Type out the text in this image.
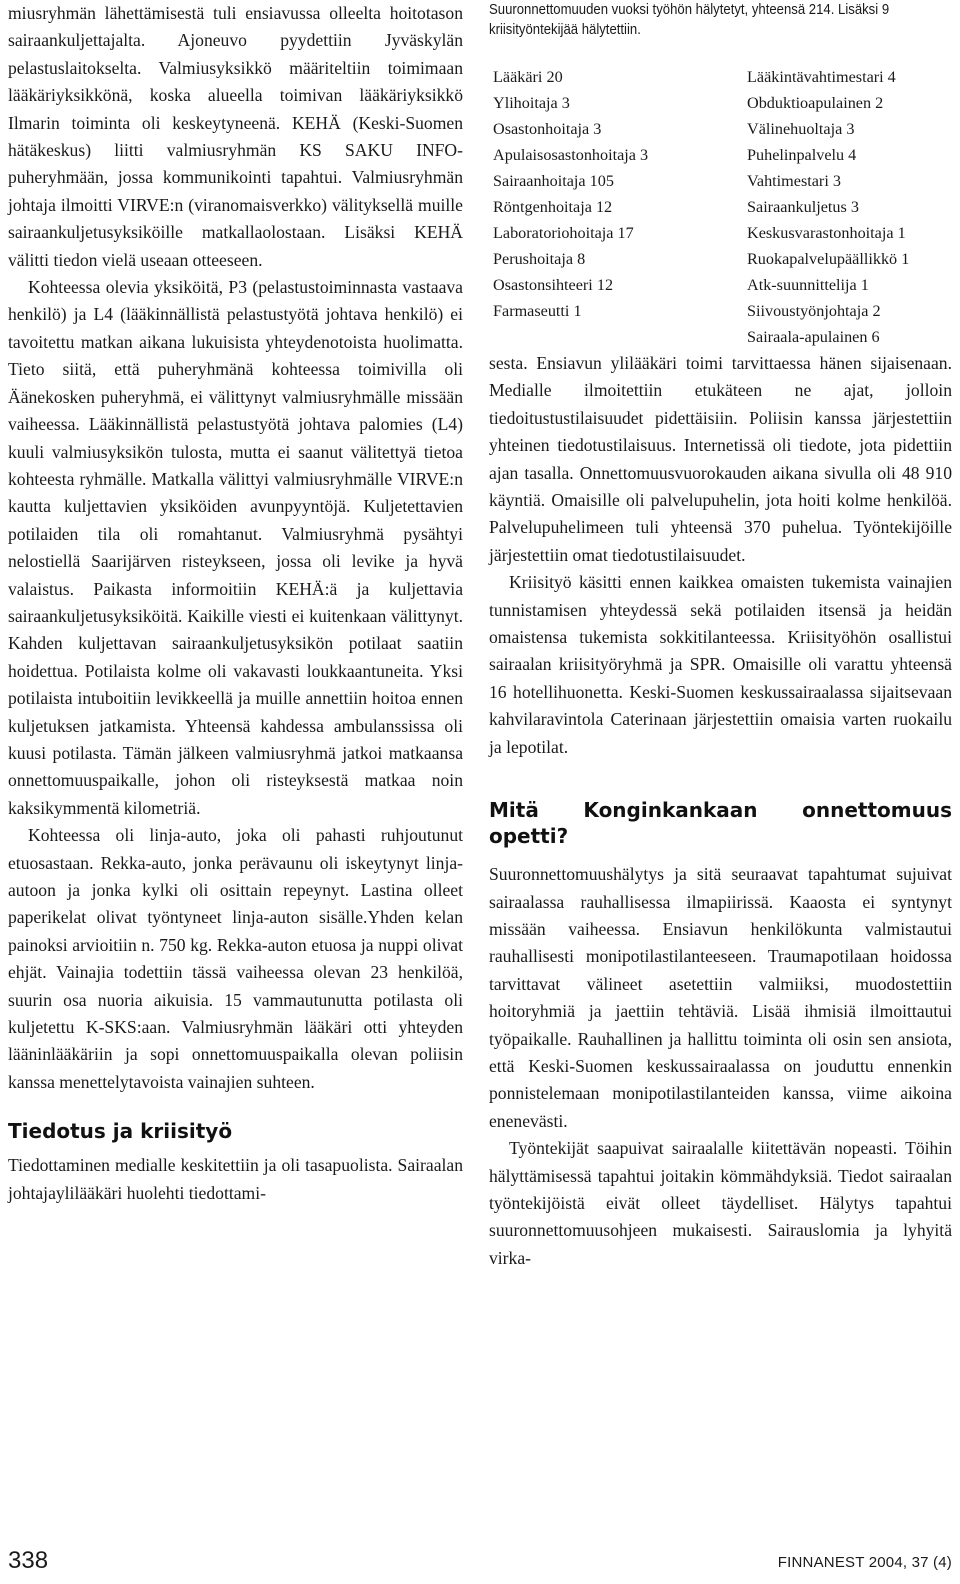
miusryhmän lähettämisestä tuli ensiavussa olleelta hoitotason sairaankuljettajalta. Ajoneuvo pyydettiin Jyväskylän pelastuslaitokselta. Valmiusyksikkö määriteltiin toimimaan lääkäriyksikkönä, koska alueella toimivan lääkäriyksikkö Ilmarin toiminta oli keskeytyneenä. KEHÄ (Keski-Suomen hätäkeskus) liitti valmiusryhmän KS SAKU INFO-puheryhmään, jossa kommunikointi tapahtui. Valmiusryhmän johtaja ilmoitti VIRVE:n (viranomaisverkko) välityksellä muille sairaankuljetusyksiköille matkallaolostaan. Lisäksi KEHÄ välitti tiedon vielä useaan otteeseen.

Kohteessa olevia yksiköitä, P3 (pelastustoiminnasta vastaava henkilö) ja L4 (lääkinnällistä pelastustyötä johtava henkilö) ei tavoitettu matkan aikana lukuisista yhteydenotoista huolimatta. Tieto siitä, että puheryhmänä kohteessa toimivilla oli Äänekosken puheryhmä, ei välittynyt valmiusryhmälle missään vaiheessa. Lääkinnällistä pelastustyötä johtava palomies (L4) kuuli valmiusyksikön tulosta, mutta ei saanut välitettyä tietoa kohteesta ryhmälle. Matkalla välittyi valmiusryhmälle VIRVE:n kautta kuljettavien yksiköiden avunpyyntöjä. Kuljetettavien potilaiden tila oli romahtanut. Valmiusryhmä pysähtyi nelostiellä Saarijärven risteykseen, jossa oli levike ja hyvä valaistus. Paikasta informoitiin KEHÄ:ä ja kuljettavia sairaankuljetusyksiköitä. Kaikille viesti ei kuitenkaan välittynyt. Kahden kuljettavan sairaankuljetusyksikön potilaat saatiin hoidettua. Potilaista kolme oli vakavasti loukkaantuneita. Yksi potilaista intuboitiin levikkeellä ja muille annettiin hoitoa ennen kuljetuksen jatkamista. Yhteensä kahdessa ambulanssissa oli kuusi potilasta. Tämän jälkeen valmiusryhmä jatkoi matkaansa onnettomuuspaikalle, johon oli risteyksestä matkaa noin kaksikymmentä kilometriä.

Kohteessa oli linja-auto, joka oli pahasti ruhjoutunut etuosastaan. Rekka-auto, jonka perävaunu oli iskeytynyt linja-autoon ja jonka kylki oli osittain repeynyt. Lastina olleet paperikelat olivat työntyneet linja-auton sisälle.Yhden kelan painoksi arvioitiin n. 750 kg. Rekka-auton etuosa ja nuppi olivat ehjät. Vainajia todettiin tässä vaiheessa olevan 23 henkilöä, suurin osa nuoria aikuisia. 15 vammautunutta potilasta oli kuljetettu K-SKS:aan. Valmiusryhmän lääkäri otti yhteyden lääninlääkäriin ja sopi onnettomuuspaikalla olevan poliisin kanssa menettelytavoista vainajien suhteen.

Tiedotus ja kriisityö

Tiedottaminen medialle keskitettiin ja oli tasapuolista. Sairaalan johtajaylilääkäri huolehti tiedottami-

Suuronnettomuuden vuoksi työhön hälytetyt, yhteensä 214. Lisäksi 9 kriisityöntekijää hälytettiin.
Lääkäri 20
Ylihoitaja 3
Osastonhoitaja 3
Apulaisosastonhoitaja 3
Sairaanhoitaja 105
Röntgenhoitaja 12
Laboratoriohoitaja 17
Perushoitaja 8
Osastonsihteeri 12
Farmaseutti 1
Lääkintävahtimestari 4
Obduktioapulainen 2
Välinehuoltaja 3
Puhelinpalvelu 4
Vahtimestari 3
Sairaankuljetus 3
Keskusvarastonhoitaja 1
Ruokapalvelupäällikkö 1
Atk-suunnittelija 1
Siivoustyönjohtaja 2
Sairaala-apulainen 6

sesta. Ensiavun ylilääkäri toimi tarvittaessa hänen sijaisenaan. Medialle ilmoitettiin etukäteen ne ajat, jolloin tiedoitustustilaisuudet pidettäisiin. Poliisin kanssa järjestettiin yhteinen tiedotustilaisuus. Internetissä oli tiedote, jota pidettiin ajan tasalla. Onnettomuusvuorokauden aikana sivulla oli 48 910 käyntiä. Omaisille oli palvelupuhelin, jota hoiti kolme henkilöä. Palvelupuhelimeen tuli yhteensä 370 puhelua. Työntekijöille järjestettiin omat tiedotustilaisuudet.

Kriisityö käsitti ennen kaikkea omaisten tukemista vainajien tunnistamisen yhteydessä sekä potilaiden itsensä ja heidän omaistensa tukemista sokkitilanteessa. Kriisityöhön osallistui sairaalan kriisityöryhmä ja SPR. Omaisille oli varattu yhteensä 16 hotellihuonetta. Keski-Suomen keskussairaalassa sijaitsevaan kahvilaravintola Caterinaan järjestettiin omaisia varten ruokailu ja lepotilat.

Mitä Konginkankaan onnettomuus opetti?

Suuronnettomuushälytys ja sitä seuraavat tapahtumat sujuivat sairaalassa rauhallisessa ilmapiirissä. Kaaosta ei syntynyt missään vaiheessa. Ensiavun henkilökunta valmistautui rauhallisesti monipotilastilanteeseen. Traumapotilaan hoidossa tarvittavat välineet asetettiin valmiiksi, muodostettiin hoitoryhmiä ja jaettiin tehtäviä. Lisää ihmisiä ilmoittautui työpaikalle. Rauhallinen ja hallittu toiminta oli osin sen ansiota, että Keski-Suomen keskussairaalassa on jouduttu ennenkin ponnistelemaan monipotilastilanteiden kanssa, viime aikoina enenevästi.

Työntekijät saapuivat sairaalalle kiitettävän nopeasti. Töihin hälyttämisessä tapahtui joitakin kömmähdyksiä. Tiedot sairaalan työntekijöistä eivät olleet täydelliset. Hälytys tapahtui suuronnettomuusohjeen mukaisesti. Sairauslomia ja lyhyitä virka-

338	FINNANEST 2004, 37 (4)
